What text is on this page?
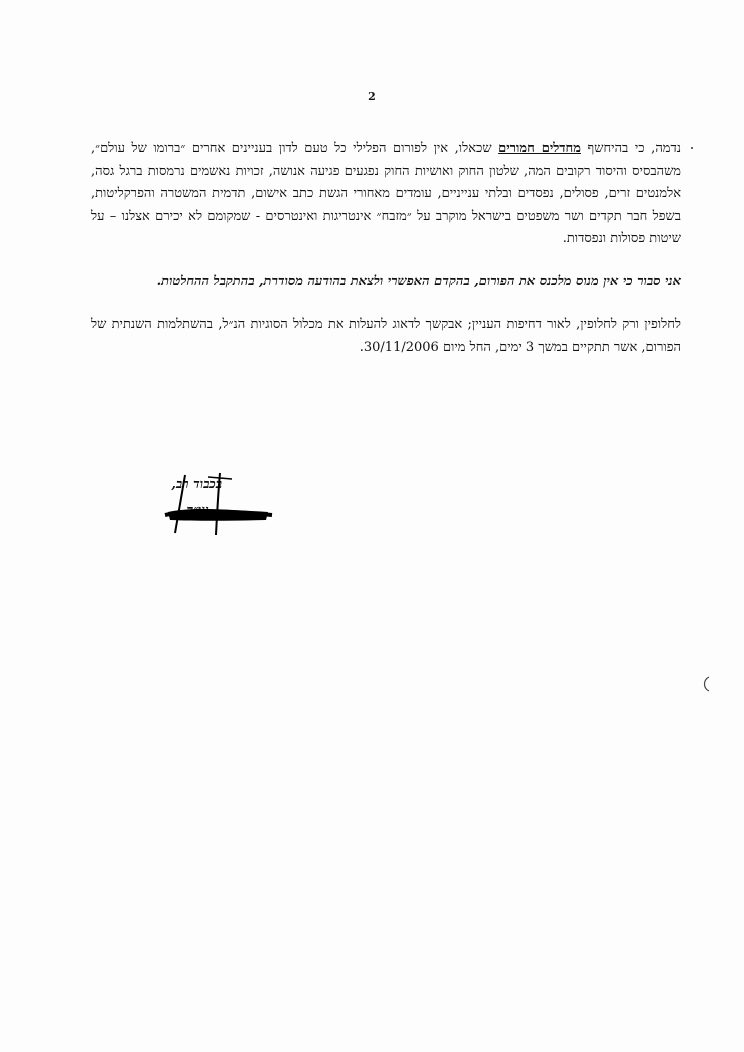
2
נדמה, כי בהיחשף מחדלים חמורים שכאלו, אין לפורום הפלילי כל טעם לדון בעניינים אחרים ״ברומו של עולם״, משהבסיס והיסוד רקובים המה, שלטון החוק ואושיות החוק נפגעים פגיעה אנושה, זכויות נאשמים נרמסות ברגל גסה, אלמנטים זרים, פסולים, נפסדים ובלתי ענייניים, עומדים מאחורי הגשת כתב אישום, תדמית המשטרה והפרקליטות, בשפל חבר תקדים ושר משפטים בישראל מוקרב על ״מזבח״ אינטריגות ואינטרסים - שמקומם לא יכירם אצלנו – על שיטות פסולות ונפסדות.
אני סבור כי אין מנוס מלכנס את הפורום, בהקדם האפשרי ולצאת בהודעה מסודרת, בהתקבל ההחלטות.
לחלופין ורק לחלופין, לאור דחיפות העניין; אבקשך לדאוג להעלות את מכלול הסוגיות הנ״ל, בהשתלמות השנתית של הפורום, אשר תתקיים במשך 3 ימים, החל מיום 30/11/2006.
בכבוד רב,
